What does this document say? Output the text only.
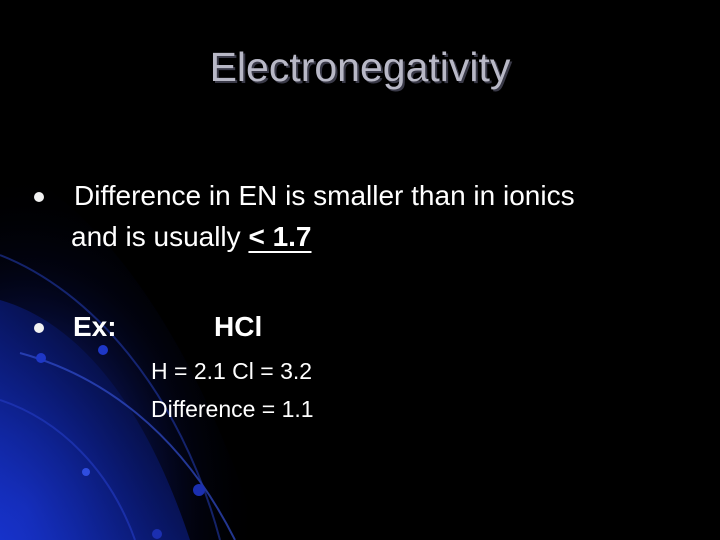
Electronegativity
Difference in EN is smaller than in ionics
and is usually < 1.7
Ex:	HCl
H = 2.1 Cl = 3.2
Difference = 1.1
